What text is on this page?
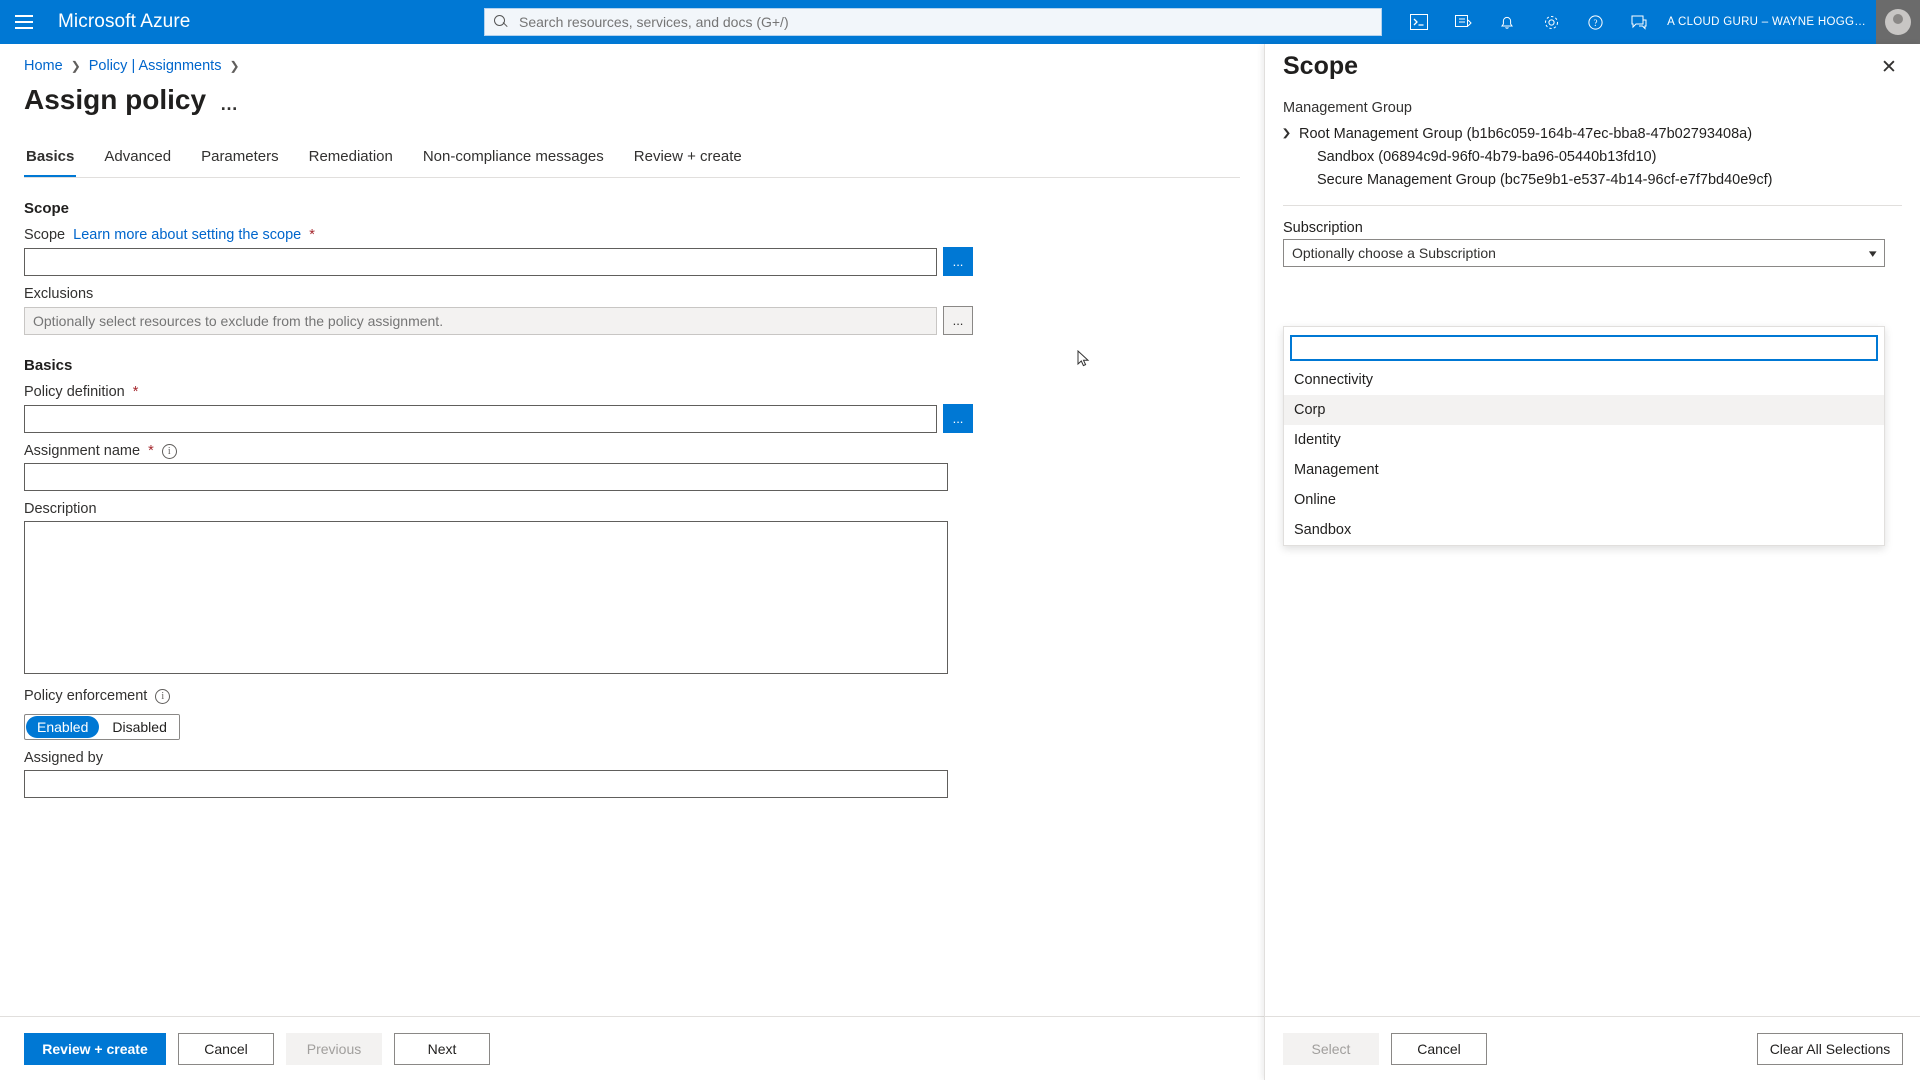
Microsoft Azure
Search resources, services, and docs (G+/)	?	A CLOUD GURU – WAYNE HOGG…
Home ❯ Policy | Assignments ❯
Assign policy …
Basics Advanced Parameters Remediation Non-compliance messages Review + create
Scope
Scope Learn more about setting the scope *
...
Exclusions
Optionally select resources to exclude from the policy assignment.
...
Basics
Policy definition *
...
Assignment name *	i
Description
Policy enforcement	i
Enabled	Disabled
Assigned by
Review + create	Cancel	Previous	Next
Scope	✕
Management Group
❯ Root Management Group (b1b6c059-164b-47ec-bba8-47b02793408a)
Sandbox (06894c9d-96f0-4b79-ba96-05440b13fd10)
Secure Management Group (bc75e9b1-e537-4b14-96cf-e7f7bd40e9cf)
Subscription
Optionally choose a Subscription	▾
Connectivity
Corp
Identity
Management
Online
Sandbox
Select	Cancel	Clear All Selections
